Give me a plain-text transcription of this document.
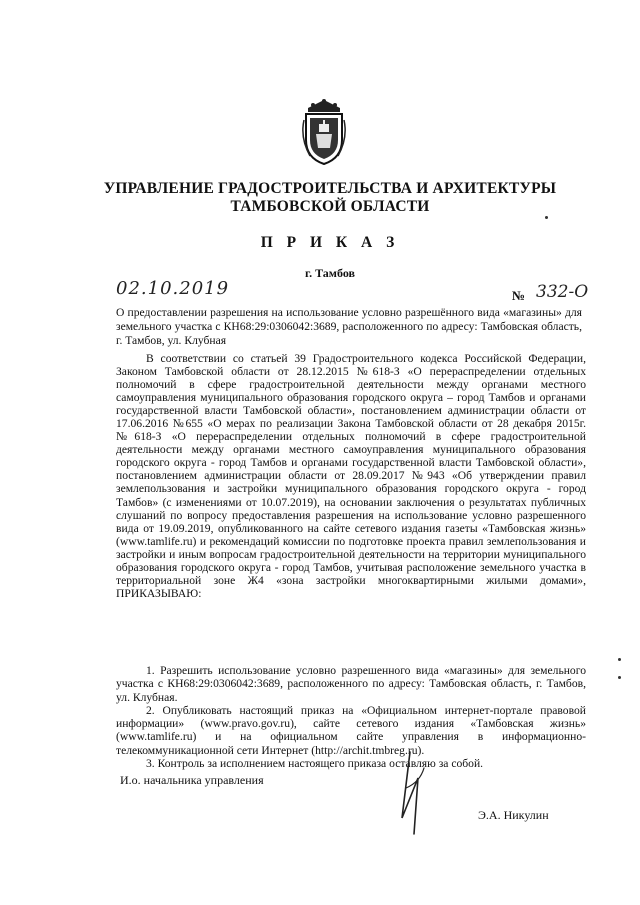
УПРАВЛЕНИЕ ГРАДОСТРОИТЕЛЬСТВА И АРХИТЕКТУРЫ
ТАМБОВСКОЙ ОБЛАСТИ
П Р И К А З
г. Тамбов
02.10.2019	№ 332-О
О предоставлении разрешения на использование условно разрешённого вида «магазины» для земельного участка с КН68:29:0306042:3689, расположенного по адресу: Тамбовская область, г. Тамбов, ул. Клубная

В соответствии со статьей 39 Градостроительного кодекса Российской Федерации, Законом Тамбовской области от 28.12.2015 №618-З «О перераспределении отдельных полномочий в сфере градостроительной деятельности между органами местного самоуправления муниципального образования городского округа – город Тамбов и органами государственной власти Тамбовской области», постановлением администрации области от 17.06.2016 №655 «О мерах по реализации Закона Тамбовской области от 28 декабря 2015г. №618-З «О перераспределении отдельных полномочий в сфере градостроительной деятельности между органами местного самоуправления муниципального образования городского округа - город Тамбов и органами государственной власти Тамбовской области», постановлением администрации области от 28.09.2017 №943 «Об утверждении правил землепользования и застройки муниципального образования городского округа - город Тамбов» (с изменениями от 10.07.2019), на основании заключения о результатах публичных слушаний по вопросу предоставления разрешения на использование условно разрешенного вида от 19.09.2019, опубликованного на сайте сетевого издания газеты «Тамбовская жизнь» (www.tamlife.ru) и рекомендаций комиссии по подготовке проекта правил землепользования и застройки и иным вопросам градостроительной деятельности на территории муниципального образования городского округа - город Тамбов, учитывая расположение земельного участка в территориальной зоне Ж4 «зона застройки многоквартирными жилыми домами», ПРИКАЗЫВАЮ:

1. Разрешить использование условно разрешенного вида «магазины» для земельного участка с КН68:29:0306042:3689, расположенного по адресу: Тамбовская область, г. Тамбов, ул. Клубная.

2. Опубликовать настоящий приказ на «Официальном интернет-портале правовой информации» (www.pravo.gov.ru), сайте сетевого издания «Тамбовская жизнь» (www.tamlife.ru) и на официальном сайте управления в информационно-телекоммуникационной сети Интернет (http://archit.tmbreg.ru).

3. Контроль за исполнением настоящего приказа оставляю за собой.

И.о. начальника управления
Э.А. Никулин
